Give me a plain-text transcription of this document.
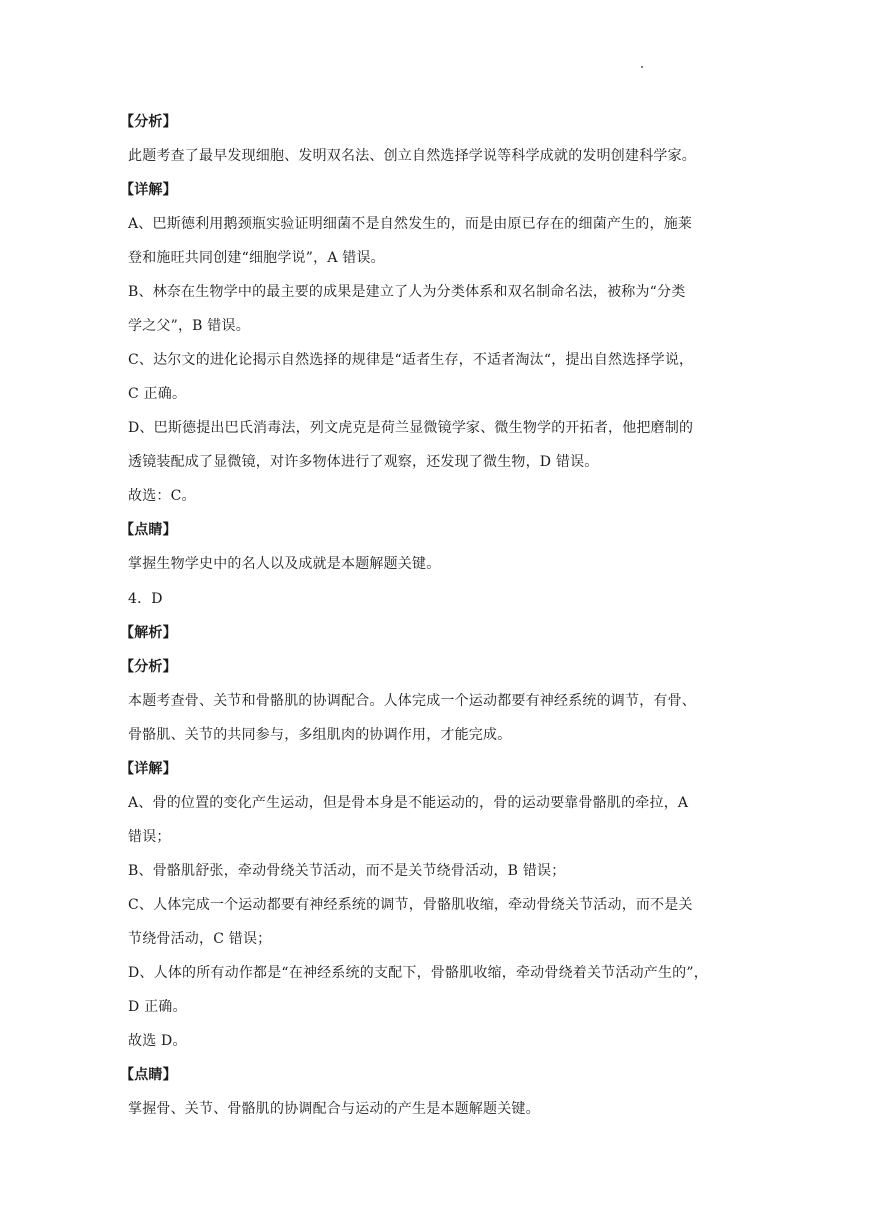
【分析】
此题考查了最早发现细胞、发明双名法、创立自然选择学说等科学成就的发明创建科学家。
【详解】
A、巴斯德利用鹅颈瓶实验证明细菌不是自然发生的，而是由原已存在的细菌产生的，施莱
登和施旺共同创建“细胞学说”，A 错误。
B、林奈在生物学中的最主要的成果是建立了人为分类体系和双名制命名法，被称为“分类
学之父”，B 错误。
C、达尔文的进化论揭示自然选择的规律是“适者生存，不适者淘汰“，提出自然选择学说，
C 正确。
D、巴斯德提出巴氏消毒法，列文虎克是荷兰显微镜学家、微生物学的开拓者，他把磨制的
透镜装配成了显微镜，对许多物体进行了观察，还发现了微生物，D 错误。
故选：C。
【点睛】
掌握生物学史中的名人以及成就是本题解题关键。
4．D
【解析】
【分析】
本题考查骨、关节和骨骼肌的协调配合。人体完成一个运动都要有神经系统的调节，有骨、
骨骼肌、关节的共同参与，多组肌肉的协调作用，才能完成。
【详解】
A、骨的位置的变化产生运动，但是骨本身是不能运动的，骨的运动要靠骨骼肌的牵拉，A
错误；
B、骨骼肌舒张，牵动骨绕关节活动，而不是关节绕骨活动，B 错误；
C、人体完成一个运动都要有神经系统的调节，骨骼肌收缩，牵动骨绕关节活动，而不是关
节绕骨活动，C 错误；
D、人体的所有动作都是“在神经系统的支配下，骨骼肌收缩，牵动骨绕着关节活动产生的”，
D 正确。
故选 D。
【点睛】
掌握骨、关节、骨骼肌的协调配合与运动的产生是本题解题关键。
